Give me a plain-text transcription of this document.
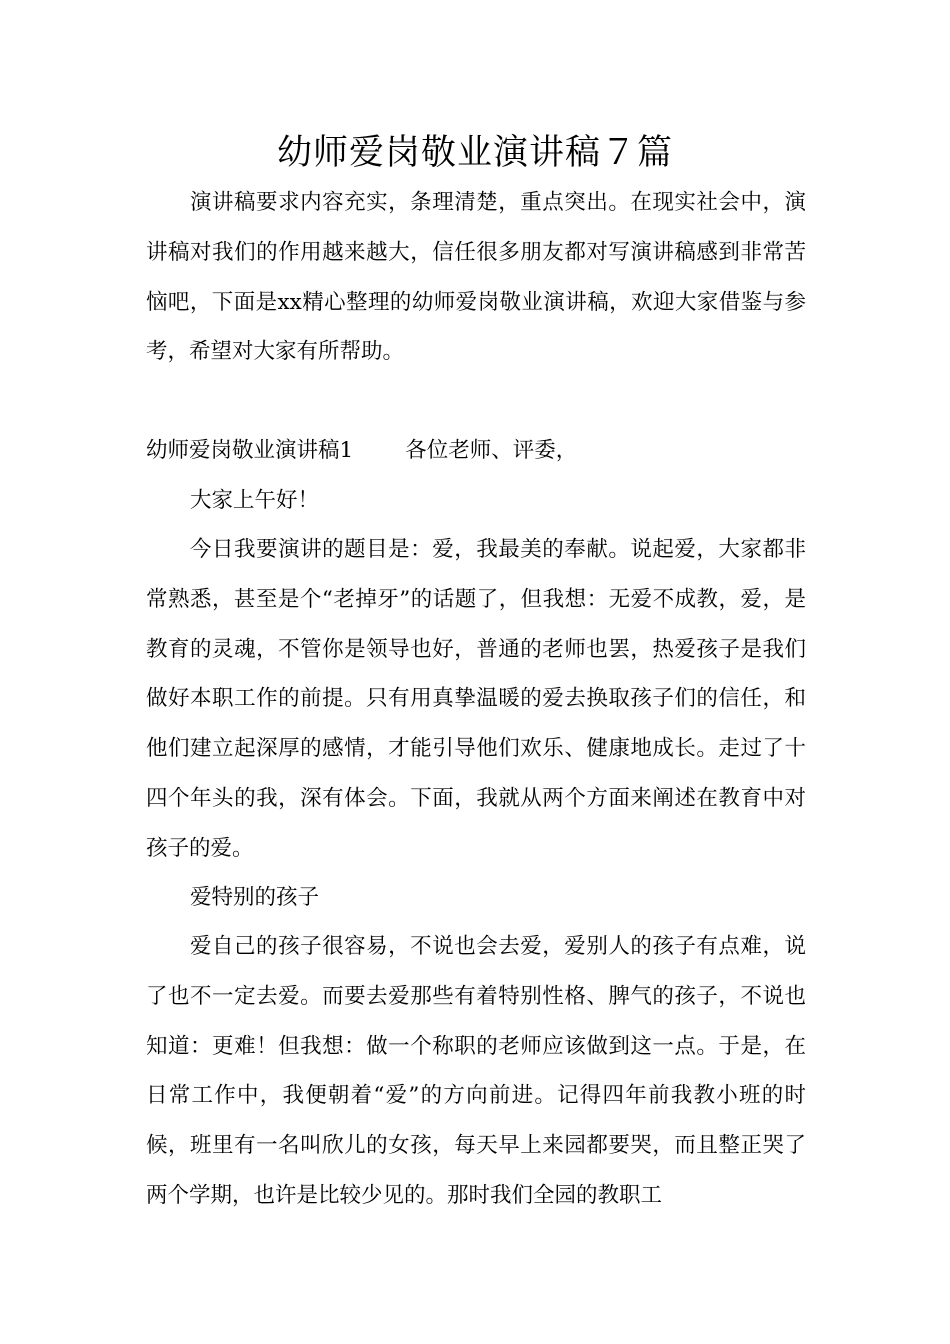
幼师爱岗敬业演讲稿７篇

演讲稿要求内容充实，条理清楚，重点突出。在现实社会中，演讲稿对我们的作用越来越大，信任很多朋友都对写演讲稿感到非常苦恼吧，下面是xx精心整理的幼师爱岗敬业演讲稿，欢迎大家借鉴与参考，希望对大家有所帮助。

幼师爱岗敬业演讲稿1 各位老师、评委，

大家上午好！

今日我要演讲的题目是：爱，我最美的奉献。说起爱，大家都非常熟悉，甚至是个“老掉牙”的话题了，但我想：无爱不成教，爱，是教育的灵魂，不管你是领导也好，普通的老师也罢，热爱孩子是我们做好本职工作的前提。只有用真挚温暖的爱去换取孩子们的信任，和他们建立起深厚的感情，才能引导他们欢乐、健康地成长。走过了十四个年头的我，深有体会。下面，我就从两个方面来阐述在教育中对孩子的爱。

爱特别的孩子

爱自己的孩子很容易，不说也会去爱，爱别人的孩子有点难，说了也不一定去爱。而要去爱那些有着特别性格、脾气的孩子，不说也知道：更难！但我想：做一个称职的老师应该做到这一点。于是，在日常工作中，我便朝着“爱”的方向前进。记得四年前我教小班的时候，班里有一名叫欣儿的女孩，每天早上来园都要哭，而且整正哭了两个学期，也许是比较少见的。那时我们全园的教职工
